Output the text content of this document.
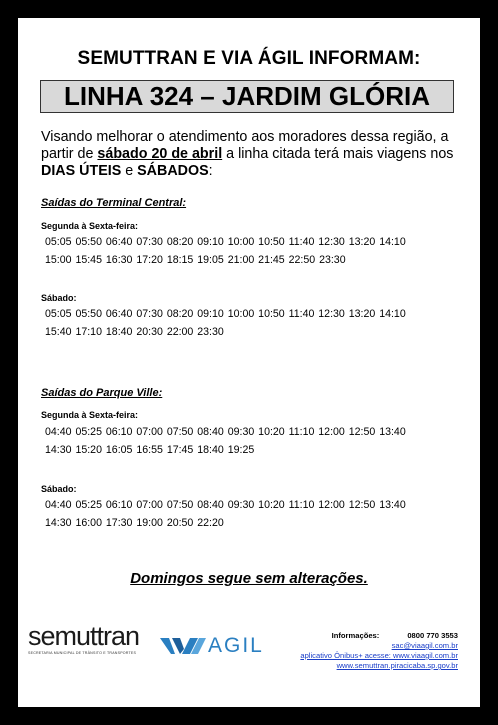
SEMUTTRAN E VIA ÁGIL INFORMAM:
LINHA 324 – JARDIM GLÓRIA
Visando melhorar o atendimento aos moradores dessa região, a partir de sábado 20 de abril a linha citada terá mais viagens nos DIAS ÚTEIS e SÁBADOS:
Saídas do Terminal Central:
Segunda à Sexta-feira:
05:05 05:50 06:40 07:30 08:20 09:10 10:00 10:50 11:40 12:30 13:20 14:10
15:00 15:45 16:30 17:20 18:15 19:05 21:00 21:45 22:50 23:30
Sábado:
05:05 05:50 06:40 07:30 08:20 09:10 10:00 10:50 11:40 12:30 13:20 14:10
15:40 17:10 18:40 20:30 22:00 23:30
Saídas do Parque Ville:
Segunda à Sexta-feira:
04:40 05:25 06:10 07:00 07:50 08:40 09:30 10:20 11:10 12:00 12:50 13:40
14:30 15:20 16:05 16:55 17:45 18:40 19:25
Sábado:
04:40 05:25 06:10 07:00 07:50 08:40 09:30 10:20 11:10 12:00 12:50 13:40
14:30 16:00 17:30 19:00 20:50 22:20
Domingos segue sem alterações.
semuttran
SECRETARIA MUNICIPAL DE TRÂNSITO E TRANSPORTES	AGIL	Informações:	0800 770 3553
sac@viaagil.com.br
aplicativo Ônibus+ acesse: www.viaagil.com.br
www.semuttran.piracicaba.sp.gov.br
